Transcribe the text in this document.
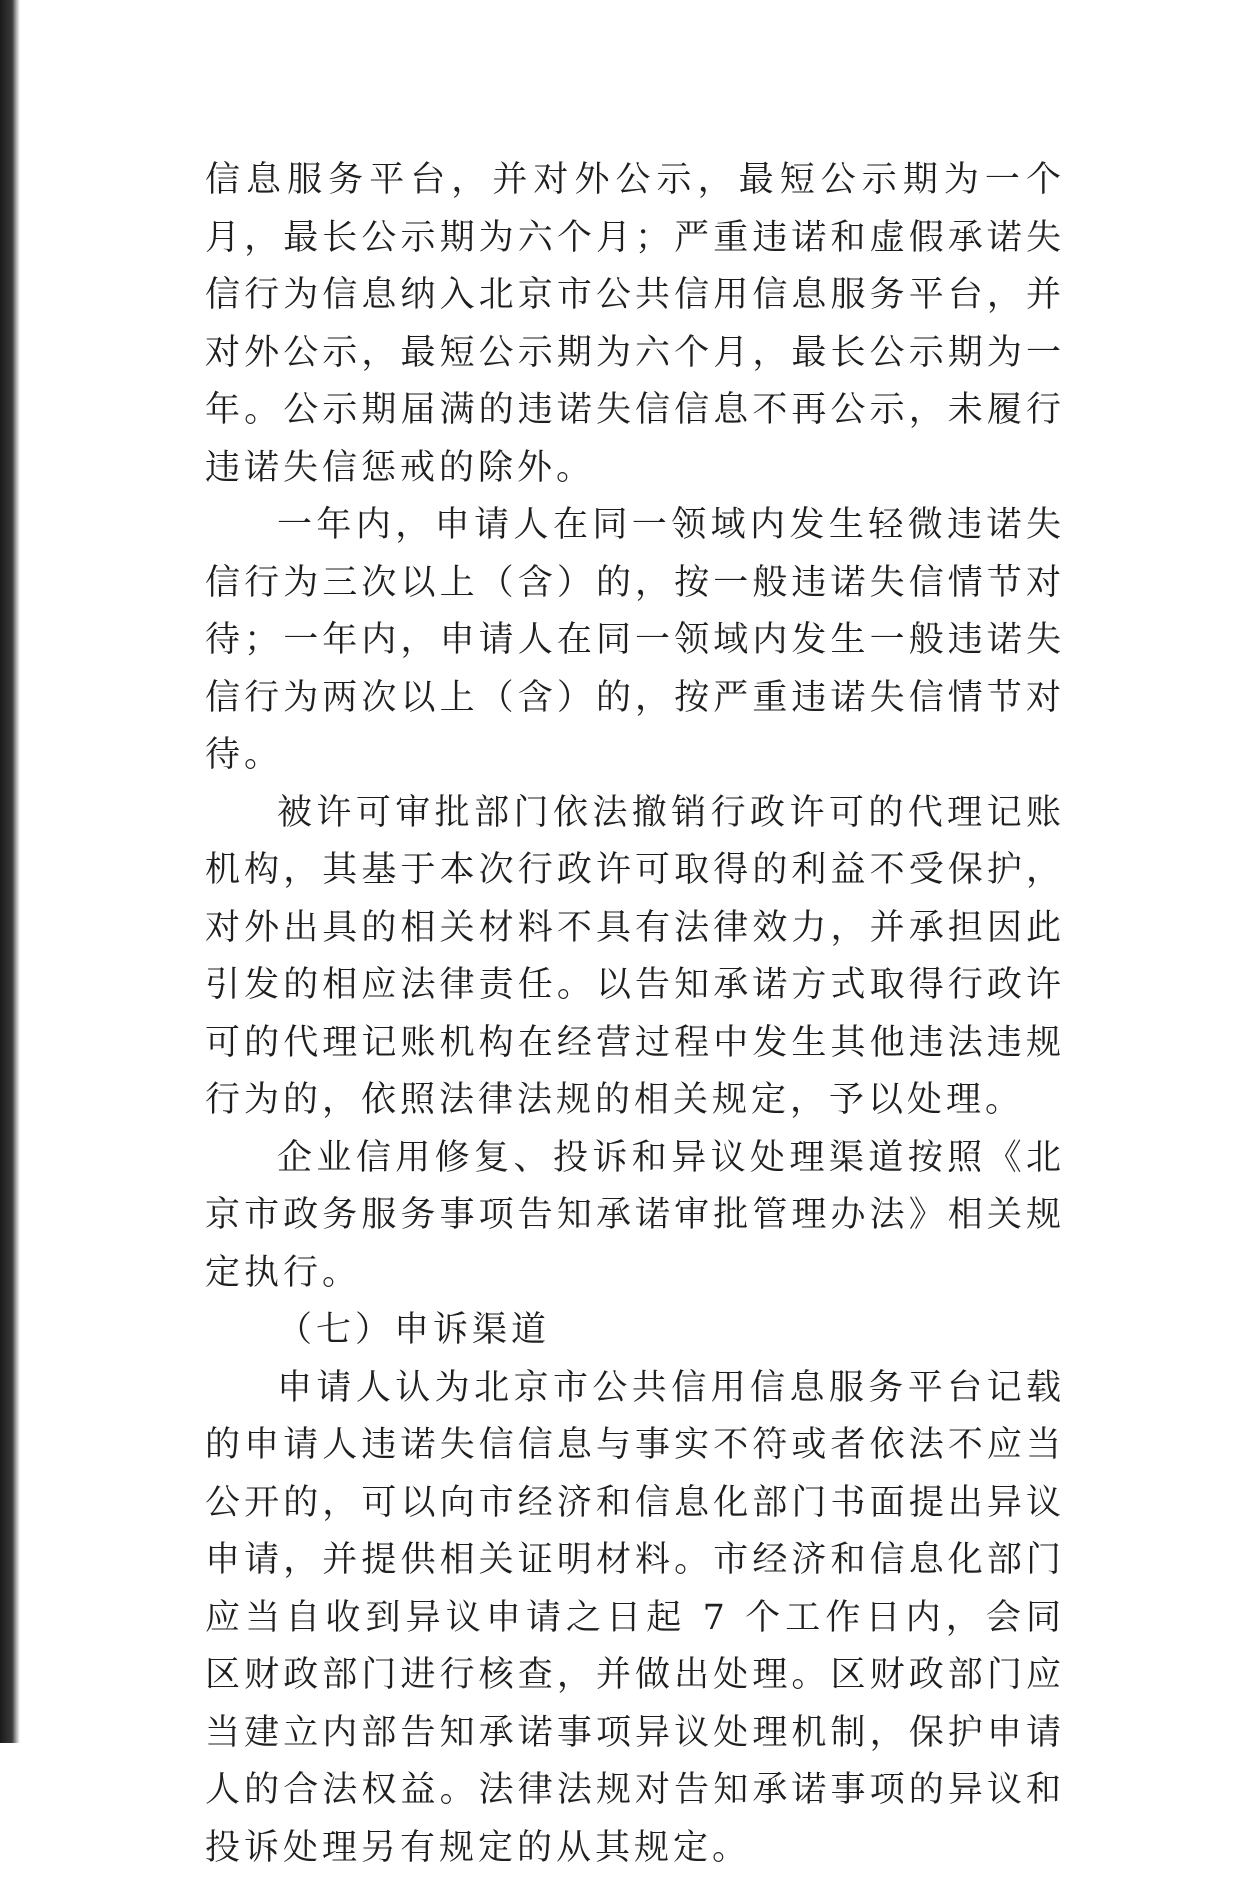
信息服务平台，并对外公示，最短公示期为一个月，最长公示期为六个月；严重违诺和虚假承诺失信行为信息纳入北京市公共信用信息服务平台，并对外公示，最短公示期为六个月，最长公示期为一年。公示期届满的违诺失信信息不再公示，未履行违诺失信惩戒的除外。

一年内，申请人在同一领域内发生轻微违诺失信行为三次以上（含）的，按一般违诺失信情节对待；一年内，申请人在同一领域内发生一般违诺失信行为两次以上（含）的，按严重违诺失信情节对待。

被许可审批部门依法撤销行政许可的代理记账机构，其基于本次行政许可取得的利益不受保护，对外出具的相关材料不具有法律效力，并承担因此引发的相应法律责任。以告知承诺方式取得行政许可的代理记账机构在经营过程中发生其他违法违规行为的，依照法律法规的相关规定，予以处理。

企业信用修复、投诉和异议处理渠道按照《北京市政务服务事项告知承诺审批管理办法》相关规定执行。

（七）申诉渠道

申请人认为北京市公共信用信息服务平台记载的申请人违诺失信信息与事实不符或者依法不应当公开的，可以向市经济和信息化部门书面提出异议申请，并提供相关证明材料。市经济和信息化部门应当自收到异议申请之日起 7 个工作日内，会同区财政部门进行核查，并做出处理。区财政部门应当建立内部告知承诺事项异议处理机制，保护申请人的合法权益。法律法规对告知承诺事项的异议和投诉处理另有规定的从其规定。
